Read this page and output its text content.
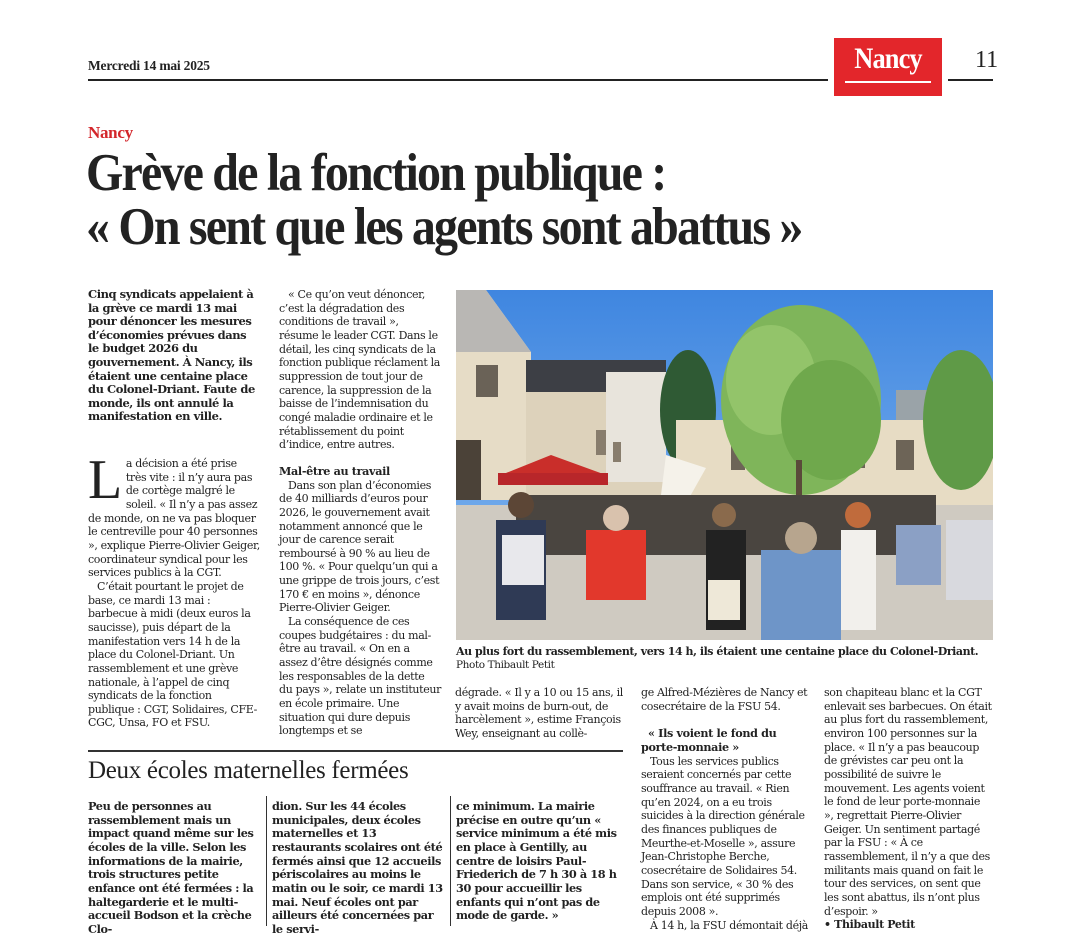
Mercredi 14 mai 2025	Nancy	11
Nancy
Grève de la fonction publique :
« On sent que les agents sont abattus »
Cinq syndicats appelaient à la grève ce mardi 13 mai pour dénoncer les mesures d’économies prévues dans le budget 2026 du gouvernement. À Nancy, ils étaient une centaine place du Colonel-Driant. Faute de monde, ils ont annulé la manifestation en ville.

La décision a été prise très vite : il n’y aura pas de cortège malgré le soleil. « Il n’y a pas assez de monde, on ne va pas bloquer le centreville pour 40 personnes », explique Pierre-Olivier Geiger, coordinateur syndical pour les services publics à la CGT.

C’était pourtant le projet de base, ce mardi 13 mai : barbecue à midi (deux euros la saucisse), puis départ de la manifestation vers 14 h de la place du Colonel-Driant. Un rassemblement et une grève nationale, à l’appel de cinq syndicats de la fonction publique : CGT, Solidaires, CFE-CGC, Unsa, FO et FSU.

« Ce qu’on veut dénoncer, c’est la dégradation des conditions de travail », résume le leader CGT. Dans le détail, les cinq syndicats de la fonction publique réclament la suppression de tout jour de carence, la suppression de la baisse de l’indemnisation du congé maladie ordinaire et le rétablissement du point d’indice, entre autres.

Mal-être au travail

Dans son plan d’économies de 40 milliards d’euros pour 2026, le gouvernement avait notamment annoncé que le jour de carence serait remboursé à 90 % au lieu de 100 %. « Pour quelqu’un qui a une grippe de trois jours, c’est 170 € en moins », dénonce Pierre-Olivier Geiger.

La conséquence de ces coupes budgétaires : du mal-être au travail. « On en a assez d’être désignés comme les responsables de la dette du pays », relate un instituteur en école primaire. Une situation qui dure depuis longtemps et se

Au plus fort du rassemblement, vers 14 h, ils étaient une centaine place du Colonel-Driant.
Photo Thibault Petit

dégrade. « Il y a 10 ou 15 ans, il y avait moins de burn-out, de harcèlement », estime François Wey, enseignant au collè-

ge Alfred-Mézières de Nancy et cosecrétaire de la FSU 54.

« Ils voient le fond du porte-monnaie »

Tous les services publics seraient concernés par cette souffrance au travail. « Rien qu’en 2024, on a eu trois suicides à la direction générale des finances publiques de Meurthe-et-Moselle », assure Jean-Christophe Berche, cosecrétaire de Solidaires 54. Dans son service, « 30 % des emplois ont été supprimés depuis 2008 ».

À 14 h, la FSU démontait déjà

son chapiteau blanc et la CGT enlevait ses barbecues. On était au plus fort du rassemblement, environ 100 personnes sur la place. « Il n’y a pas beaucoup de grévistes car peu ont la possibilité de suivre le mouvement. Les agents voient le fond de leur porte-monnaie », regrettait Pierre-Olivier Geiger. Un sentiment partagé par la FSU : « À ce rassemblement, il n’y a que des militants mais quand on fait le tour des services, on sent que les sont abattus, ils n’ont plus d’espoir. »

• Thibault Petit

Deux écoles maternelles fermées
Peu de personnes au rassemblement mais un impact quand même sur les écoles de la ville. Selon les informations de la mairie, trois structures petite enfance ont été fermées : la haltegarderie et le multi-accueil Bodson et la crèche Clo-
dion. Sur les 44 écoles municipales, deux écoles maternelles et 13 restaurants scolaires ont été fermés ainsi que 12 accueils périscolaires au moins le matin ou le soir, ce mardi 13 mai. Neuf écoles ont par ailleurs été concernées par le servi-
ce minimum. La mairie précise en outre qu’un « service minimum a été mis en place à Gentilly, au centre de loisirs Paul-Friederich de 7 h 30 à 18 h 30 pour accueillir les enfants qui n’ont pas de mode de garde. »
